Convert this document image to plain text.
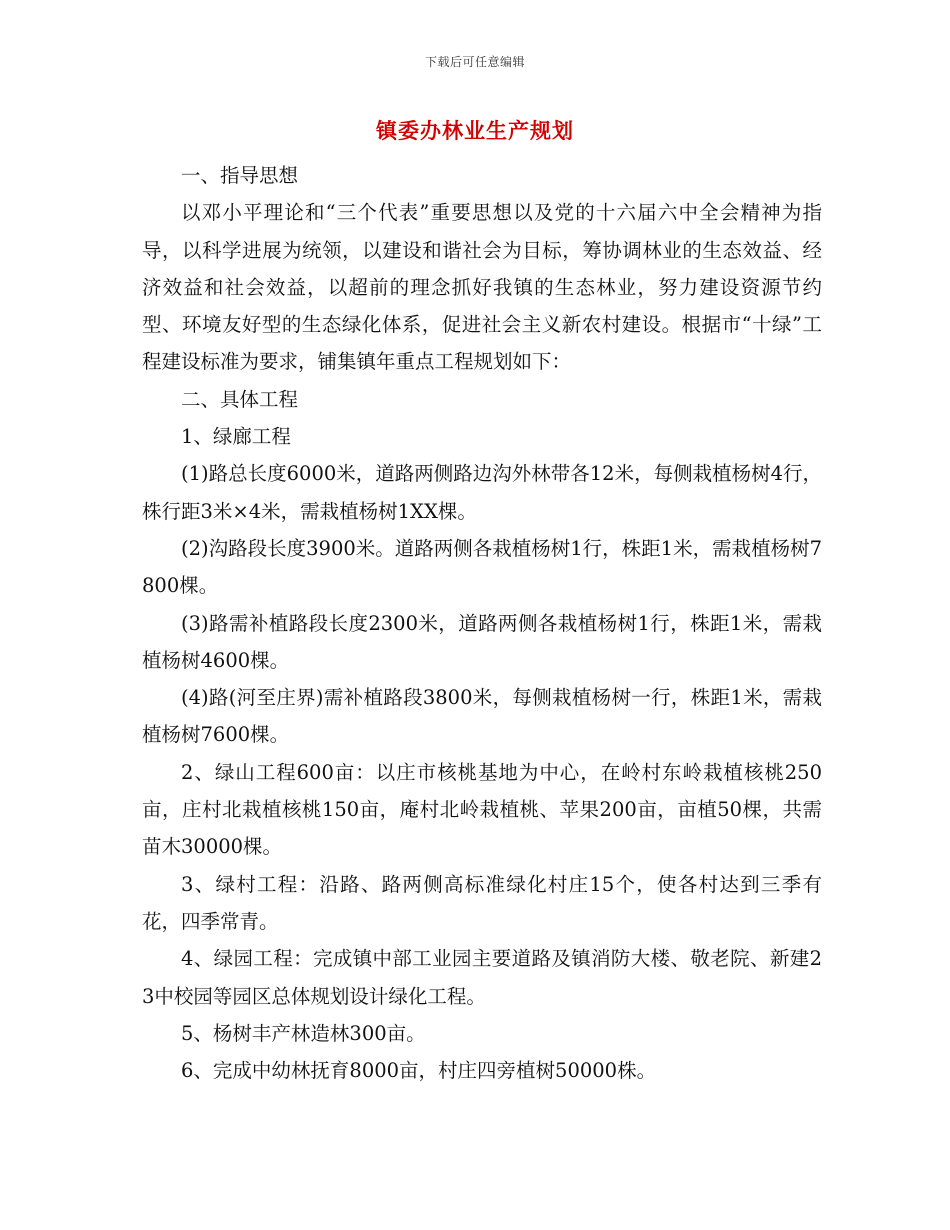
下载后可任意编辑
镇委办林业生产规划

一、指导思想

以邓小平理论和“三个代表”重要思想以及党的十六届六中全会精神为指导，以科学进展为统领，以建设和谐社会为目标，筹协调林业的生态效益、经济效益和社会效益，以超前的理念抓好我镇的生态林业，努力建设资源节约型、环境友好型的生态绿化体系，促进社会主义新农村建设。根据市“十绿”工程建设标准为要求，铺集镇年重点工程规划如下：

二、具体工程

1、绿廊工程

(1)路总长度6000米，道路两侧路边沟外林带各12米，每侧栽植杨树4行，株行距3米×4米，需栽植杨树1XX棵。

(2)沟路段长度3900米。道路两侧各栽植杨树1行，株距1米，需栽植杨树7800棵。

(3)路需补植路段长度2300米，道路两侧各栽植杨树1行，株距1米，需栽植杨树4600棵。

(4)路(河至庄界)需补植路段3800米，每侧栽植杨树一行，株距1米，需栽植杨树7600棵。

2、绿山工程600亩：以庄市核桃基地为中心，在岭村东岭栽植核桃250亩，庄村北栽植核桃150亩，庵村北岭栽植桃、苹果200亩，亩植50棵，共需苗木30000棵。

3、绿村工程：沿路、路两侧高标准绿化村庄15个，使各村达到三季有花，四季常青。

4、绿园工程：完成镇中部工业园主要道路及镇消防大楼、敬老院、新建23中校园等园区总体规划设计绿化工程。

5、杨树丰产林造林300亩。

6、完成中幼林抚育8000亩，村庄四旁植树50000株。
